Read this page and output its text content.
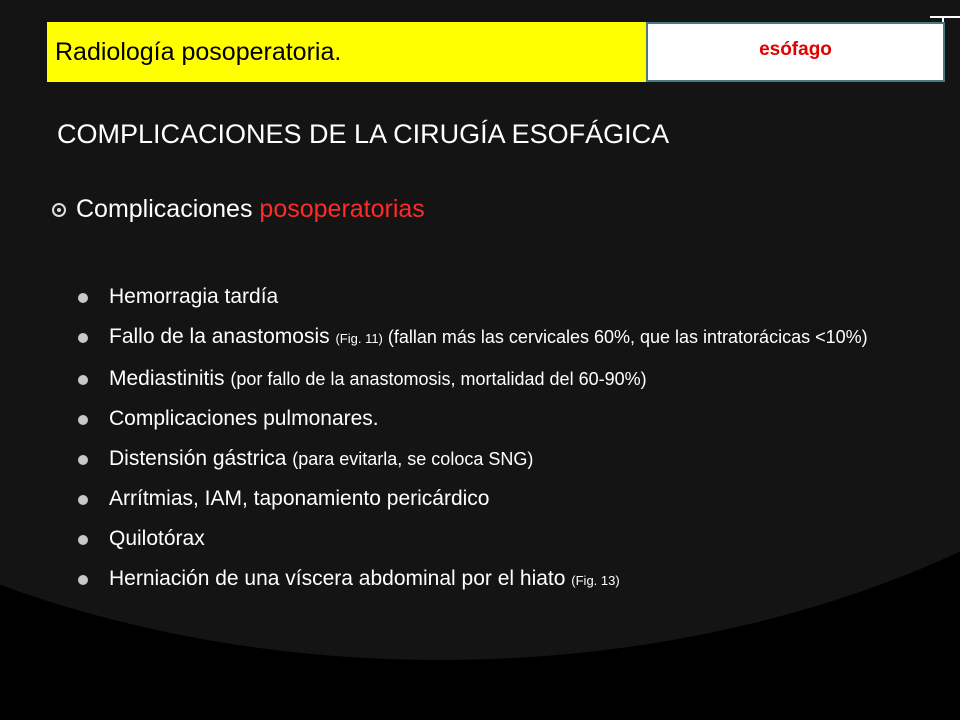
Radiología posoperatoria.	esófago
COMPLICACIONES DE LA CIRUGÍA ESOFÁGICA
Complicaciones posoperatorias
Hemorragia tardía
Fallo de la anastomosis (Fig. 11) (fallan más las cervicales 60%, que las intratorácicas <10%)
Mediastinitis (por fallo de la anastomosis, mortalidad del 60-90%)
Complicaciones pulmonares.
Distensión gástrica (para evitarla, se coloca SNG)
Arrítmias, IAM, taponamiento pericárdico
Quilotórax
Herniación de una víscera abdominal por el hiato (Fig. 13)
